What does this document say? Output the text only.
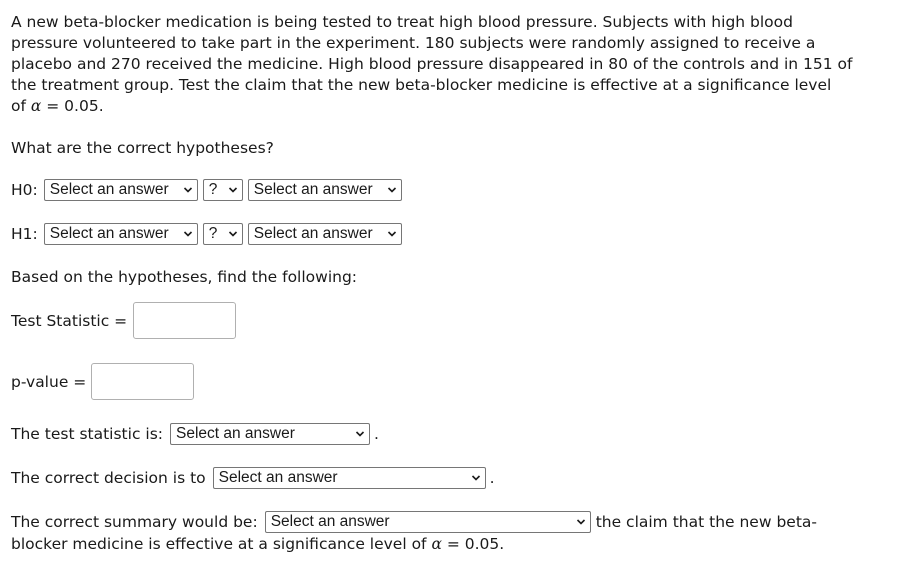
A new beta-blocker medication is being tested to treat high blood pressure. Subjects with high blood
pressure volunteered to take part in the experiment. 180 subjects were randomly assigned to receive a
placebo and 270 received the medicine. High blood pressure disappeared in 80 of the controls and in 151 of
the treatment group. Test the claim that the new beta-blocker medicine is effective at a significance level
of α = 0.05.
What are the correct hypotheses?
H0: Select an answer	? Select an answer
H1: Select an answer	? Select an answer
Based on the hypotheses, find the following:
Test Statistic =
p-value =
The test statistic is: Select an answer	.
The correct decision is to Select an answer	.
The correct summary would be: Select an answer	the claim that the new beta-
blocker medicine is effective at a significance level of α = 0.05.
